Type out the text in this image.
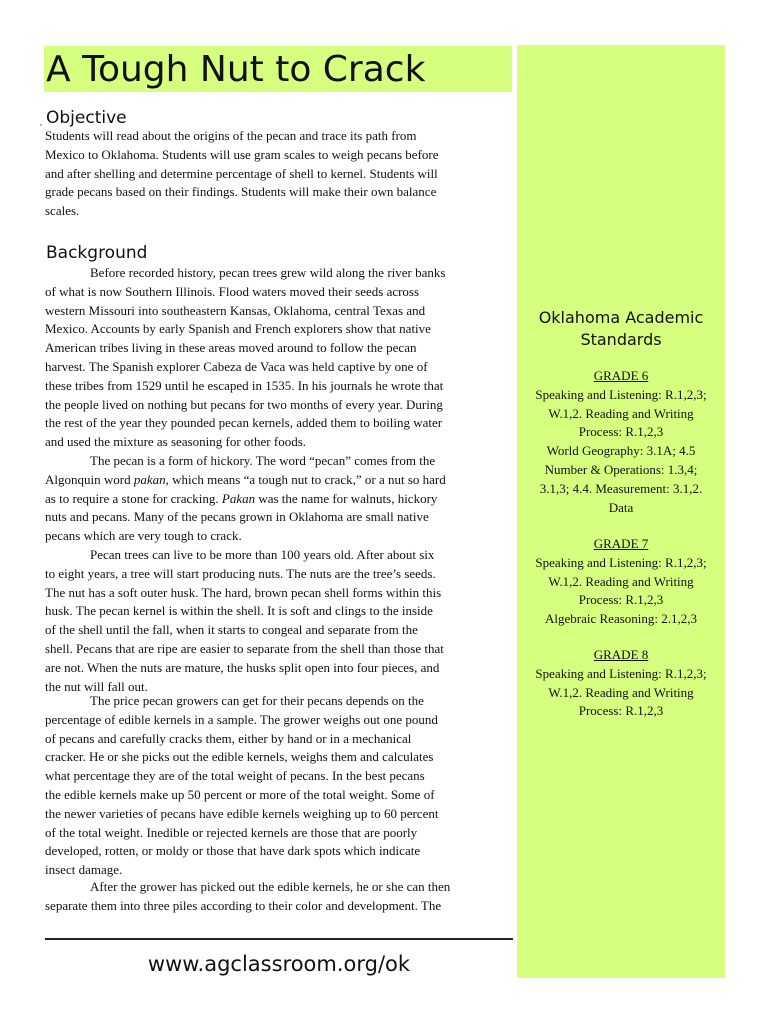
A Tough Nut to Crack
, Objective
Students will read about the origins of the pecan and trace its path from
Mexico to Oklahoma. Students will use gram scales to weigh pecans before
and after shelling and determine percentage of shell to kernel. Students will
grade pecans based on their findings. Students will make their own balance
scales.
Background
Before recorded history, pecan trees grew wild along the river banks
of what is now Southern Illinois. Flood waters moved their seeds across
western Missouri into southeastern Kansas, Oklahoma, central Texas and
Mexico. Accounts by early Spanish and French explorers show that native
American tribes living in these areas moved around to follow the pecan
harvest. The Spanish explorer Cabeza de Vaca was held captive by one of
these tribes from 1529 until he escaped in 1535. In his journals he wrote that
the people lived on nothing but pecans for two months of every year. During
the rest of the year they pounded pecan kernels, added them to boiling water
and used the mixture as seasoning for other foods.
The pecan is a form of hickory. The word “pecan” comes from the
Algonquin word pakan, which means “a tough nut to crack,” or a nut so hard
as to require a stone for cracking. Pakan was the name for walnuts, hickory
nuts and pecans. Many of the pecans grown in Oklahoma are small native
pecans which are very tough to crack.
Pecan trees can live to be more than 100 years old. After about six
to eight years, a tree will start producing nuts. The nuts are the tree’s seeds.
The nut has a soft outer husk. The hard, brown pecan shell forms within this
husk. The pecan kernel is within the shell. It is soft and clings to the inside
of the shell until the fall, when it starts to congeal and separate from the
shell. Pecans that are ripe are easier to separate from the shell than those that
are not. When the nuts are mature, the husks split open into four pieces, and
the nut will fall out.
The price pecan growers can get for their pecans depends on the
percentage of edible kernels in a sample. The grower weighs out one pound
of pecans and carefully cracks them, either by hand or in a mechanical
cracker. He or she picks out the edible kernels, weighs them and calculates
what percentage they are of the total weight of pecans. In the best pecans
the edible kernels make up 50 percent or more of the total weight. Some of
the newer varieties of pecans have edible kernels weighing up to 60 percent
of the total weight. Inedible or rejected kernels are those that are poorly
developed, rotten, or moldy or those that have dark spots which indicate
insect damage.
After the grower has picked out the edible kernels, he or she can then
separate them into three piles according to their color and development. The
Oklahoma Academic
Standards
GRADE 6
Speaking and Listening: R.1,2,3;
W.1,2. Reading and Writing
Process: R.1,2,3
World Geography: 3.1A; 4.5
Number & Operations: 1.3,4;
3.1,3; 4.4. Measurement: 3.1,2.
Data
GRADE 7
Speaking and Listening: R.1,2,3;
W.1,2. Reading and Writing
Process: R.1,2,3
Algebraic Reasoning: 2.1,2,3
GRADE 8
Speaking and Listening: R.1,2,3;
W.1,2. Reading and Writing
Process: R.1,2,3
www.agclassroom.org/ok
